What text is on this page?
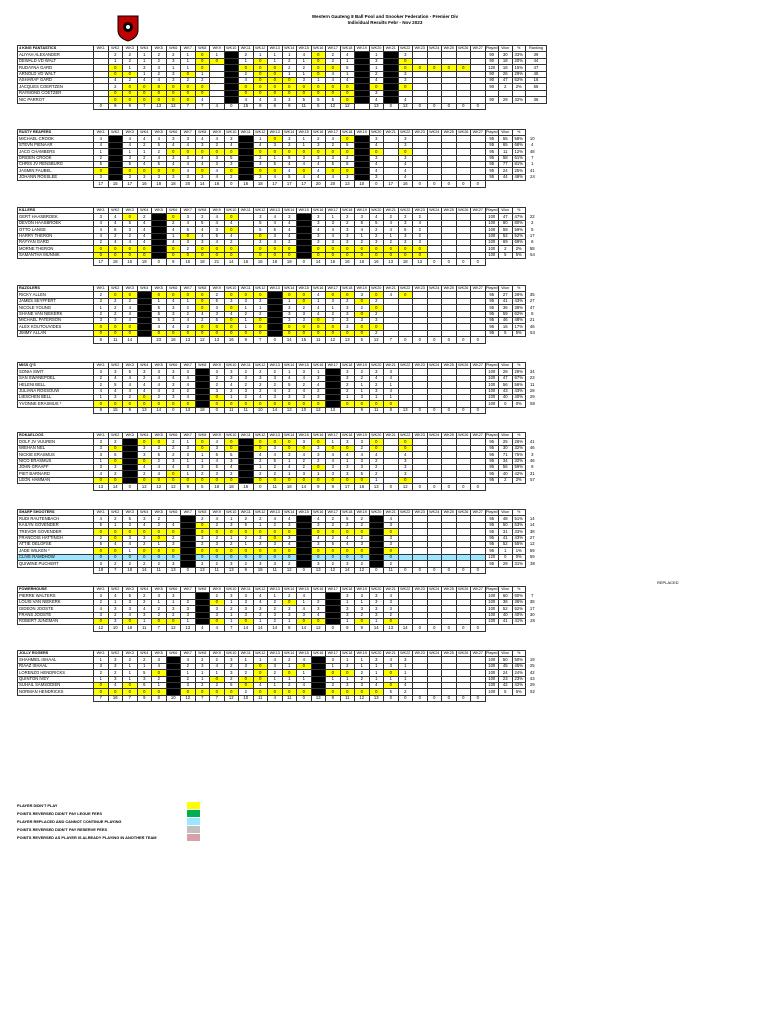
Western Gauteng 8 Ball Pool and Snooker Federation - Premier Div
Individual Results Febr - Nov 2023
4 KING FANTASTICS	WK1	WK2	WK3	WK4	WK5	WK6	WK7	WK8	WK9	WK10	WK11	WK12	WK13	WK14	WK15	WK16	WK17	WK18	WK19	WK20	WK21	WK22	WK23	WK24	WK25	WK26	WK27	Played	Won	%	Ranking
ALIYAH ALEXANDER		2	2	1	2	2	1	0	1		2	1	1	1	4	0	2	4		1		3						90	30	33%	39
DEWALD VD WALT		1	2	1	2	3	1	0	0		1	0	1	2	1	0	2	1		3		0						90	18	20%	44
RUDAYNA GARD		0	1	3	3	1	1	0			0	0	0	2	2	0	0	5		1		0	0	0	0	0		120	18	15%	47
ARNOLD VD WALT		0	0	1	2	3	0	1			2	0	0	1	1	0	4	1		2		3						90	26	29%	45
ASHARAF GARD		4	2	4	4	3	2	2			4	0	0	0	3	1	4	4		4		3						90	47	52%	16
JACQUES COERTZEN		2	0	0	0	0	0	0			0	0	0	0	0	0	0	0		0		0						90	2	2%	56
RAYMOND COETZER		0	0	0	0	0	0	0			0	0	0	0	0	0	0	0		3											
NIC PARROT		0	0	0	0	0	0	4			4	4	3	3	5	5	5	0		4		4						90	29	32%	36
	0	9	9	7	13	12	7	7	4	0	15	9	6	9	11	5	12	12		13	0	12	0	0	0	0	0				
RUSTY REAPERS	WK1	WK2	WK3	WK4	WK5	WK6	WK7	WK8	WK9	WK10	WK11	WK12	WK13	WK14	WK15	WK16	WK17	WK18	WK19	WK20	WK21	WK22	WK23	WK24	WK25	WK26	WK27	Played	Won	%	
MICHAEL CROOK	4		4	4	4	3	3	4	4	3		1	0	3	1	2	4	0		3		3						95	55	58%	10
STEVN PIENAAR	4		4	2	5	4	4	3	2	4		4	3	2	1	3	2	5		4		3						95	65	68%	4
JACO CHAMBERS	1		1	1	2	0	0	0	0	0		0	0	0	0	0	0	0		0		0						95	11	12%	48
DRIDEN CROOK	2		3	2	4	3	3	4	3	5		2	1	5	3	3	3	2		3		3						95	58	61%	7
CHRIS JV RENSBURG	5		5	4	5	4	4	4	3	3		3	5	4	4	4	5	5		4		4						95	77	81%	1
JASMIN FAUBEL	0		0	0	0	0	4	0	4	0		0	0	4	0	4	0	0		4		4						95	24	25%	41
JOHANN ROSSLEE	3		3	3	3	3	3	3	4	2		3	4	5	4	4	4	3		3		4						95	44	46%	24
	17	15	17	16	18	18	20	14	16	0	16	18	17	17	17	20	20	13	10	0	17	16	0	0	0	0	0				
KILLERS	WK1	WK2	WK3	WK4	WK5	WK6	WK7	WK8	WK9	WK10	WK11	WK12	WK13	WK14	WK15	WK16	WK17	WK18	WK19	WK20	WK21	WK22	WK23	WK24	WK25	WK26	WK27	Played	Won	%	
GERT HAASBROEK	3	4	0	2		0	3	2	4	0		3	4	3		3	1	2	3	4	2	3	2					100	47	47%	22
DEVON HAASBROEK	4	4	5	4		2	4	5	4	4		5	4	4		3	3	2	5	5	4	3	4					100	80	80%	2
OTTO LANGE	4	5	3	4		4	5	4	3	0		5	5	4		4	4	3	4	2	4	5	2					100	59	59%	5
HARRY THERON	4	2	2	4		1	0	4	5	4		0	3	4		3	4	3	1	2	1	3	2					100	52	52%	17
RAYYAN GARD	2	4	4	4		4	3	3	4	2		2	4	2		3	3	3	2	3	2	2	3					100	69	69%	6
MORNE THERON	0	0	0	0		0	2	0	0	0		0	0	0		0	0	0	0	0	0	0	0					100	2	2%	58
SAMANTHA MUNNIK	0	0	0	0		0	0	0	0	0		0	0	0		0	0	0	0	0	0	0	0					100	5	5%	54
	17	18	15	18	0	9	16	18	21	14	16	16	18	19	0	14	16	16	16	16	13	18	13	0	0	0	0				
RAZOLERS	WK1	WK2	WK3	WK4	WK5	WK6	WK7	WK8	WK9	WK10	WK11	WK12	WK13	WK14	WK15	WK16	WK17	WK18	WK19	WK20	WK21	WK22	WK23	WK24	WK25	WK26	WK27	Played	Won	%	
RICKY ALLEN	2	0	0		0	0	0	0	2	0	0	0		0	0	4	0	0	3	0	4	0						95	27	28%	35
JAMES SEYFFERT	2	2	2		1	4	1	0	5	3	3	2		1	0	1	3	2	0	2								95	41	43%	27
NICOLE YOUNG	1	2	4		5	3	2	0	3	0	1	1		3	2	4	1	3	2	0								95	36	38%	47
SHANE VAN NIEKERK	2	2	4		5	3	2	4	3	4	2	2		3	3	4	2	3	0	2								95	59	62%	8
MICHAEL PATERSON	3	3	4		5	3	4	2	5	0	1	0		3	3	0	3	3	3	3								95	46	48%	21
ALEX KOUTOUVIDES	0	0	0		4	4	2	0	0	0	1	0		0	0	0	0	3	0	0								95	16	17%	46
JIMMY ALLAN	0	0	0		0	0	0	0	0	0	0	0		0	0	0	0	0	0	2								95	5	5%	53
	8	11	14		23	16	13	12	13	16	9	7	0	14	15	11	12	13	5	12	7	0	0	0	0	0	0				
MISS Q'S	WK1	WK2	WK3	WK4	WK5	WK6	WK7	WK8	WK9	WK10	WK11	WK12	WK13	WK14	WK15	WK16	WK17	WK18	WK19	WK20	WK21	WK22	WK23	WK24	WK25	WK26	WK27	Played	Won	%	
SONIA SWIT	3	3	5	3	3	3	3		3	3	2	2	2	1	3	1		3	2	3	3							100	28	28%	34
SAN SWANEPOEL	2	4	4	2	4	4	4		2	3	3	3	3	4	4	3		3	2	4	4							100	47	67%	23
HELENI BELL	2	5	4	4	4	3	4		2	4	2	2	2	5	2	4		2	1	2	1							100	56	56%	11
JULIANA ROSSOUW	4	4	4	4	4	2	2		3	2	3	2	4	2	4	2		2	1	3	4							100	43	43%	28
LIESCHEN BELL	1	3	2	0	2	3	4		0	1	2	4	3	3	3	3		1	3	1	1							100	40	40%	29
YVONNE ERASMUS *	0	0	0	0	0	0	0		0	0	0	0	0	0	0	0		0	0	0	0							100	0	0%	59
	8	15	8	13	14	0	13	18	0	11	11	10	14	13	10	12	13		9	11	8	13	0	0	0	0	0				
ROKAELOOS	WK1	WK2	WK3	WK4	WK5	WK6	WK7	WK8	WK9	WK10	WK11	WK12	WK13	WK14	WK15	WK16	WK17	WK18	WK19	WK20	WK21	WK22	WK23	WK24	WK25	WK26	WK27	Played	Won	%	
DOLF JV VUUREN	3	2		0	0	2	1	0	4	0		0	0	0	3	0	1	3	3	0		0						95	25	26%	41
WIEHAN NEL	3	0		3	3	2	3	0	3	0		0	3	0	0	3	0	0	2	0		0						95	30	32%	46
NICKIE ERASMUS	3	5		3	5	2	3	1	5	5		4	4	3	4	3	4	4	4	4		4						95	71	75%	3
NICO ERASMUS	1	0		0	2	3	1	1	4	3		2	5	1	2	2	4	1	3	2		3						95	34	32%	46
JOHN GRAAFF	3	3		4	4	4	3	3	5	4		1	2	4	2	0	3	3	3	2		3						95	56	59%	9
PIET BARNARD	4	2		2	4	0	1	2	3	2		2	2	1	3	1	3	3	5	2		3						95	40	42%	31
LEON HAMMAN	0	0		0	0	0	0	0	0	0		0	0	0	0	0	0	0	0	1		0						95	2	2%	57
	13	14	0	12	12	12	9	5	18	18	16	0	11	16	14	9	9	17	16	13	0	12	0	0	0	0	0				
SHARP SHOOTERS	WK1	WK2	WK3	WK4	WK5	WK6	WK7	WK8	WK9	WK10	WK11	WK12	WK13	WK14	WK15	WK16	WK17	WK18	WK19	WK20	WK21	WK22	WK23	WK24	WK25	WK26	WK27	Played	Won	%	
RUDI RAUTENBACH	4	2	5	3	2		3	2	4	1	2	2	4	4		4	2	5	2		4							95	48	51%	14
KAILYN GOVENDER	5	1	3	4	2	4		0	2	3	5	1	2	3		3	2	2	2		3							95	50	53%	14
TREVOR GOVENDER	0	0	0	0	0	0		0	0	0	0	0	0	0		0	0	0	0		0							95	31	33%	38
FRANCOIS HATTINGH	2	0	3	3	0	2		3	2	1	2	3	0	3		4	2	4	2		3							95	41	43%	27
ATTIE OELOFSE	5	4	4	2	1	3		2	3	2	1	2	3	4		3	5	4	3		3							95	52	55%	12
JADE WILKEN *	0	0	1	0	0	0		0	0	0	0	0	0	0		0	0	0	0		0							95	1	1%	59
CLIVE RAMDHOW	0	0	0	0	0	0		0	0	0	0	0	0	0		0	0	0	0		0							120	0	0%	59
QUIWINE PUCHERT	3	2	2	2	2	3		2	2	3	2	3	3	2		3	2	3	2		2							95	29	31%	38
	18	7	16	14	11	13	0	13	11	13	9	16	11	12	0	13	12	14	12	0	11	0	0	0	0	0	0				
POWERHOUSE	WK1	WK2	WK3	WK4	WK5	WK6	WK7	WK8	WK9	WK10	WK11	WK12	WK13	WK14	WK15	WK16	WK17	WK18	WK19	WK20	WK21	WK22	WK23	WK24	WK25	WK26	WK27	Played	Won	%	
PIERRE WALTERS	3	4	5	2	3	3		4	2	3	3	4	1	2	4		2	3	3	3	4							100	60	60%	7
LOUIS VAN NIEKERK	2	1	3	2	1	1	2		0	1	3	4	2	0	1	2		1	1	3	3							100	36	36%	38
GIDEON JOOSTE	4	3	3	4	2	3	3		3	2	3	3	2	3	4	3		3	3	3	3							100	52	52%	17
FRANS JOOSTE	3	2	4	3	2	2	3		3	1	3	2	3	3	3	4		3	2	3	2							100	40	40%	30
ROBERT JUNGMAN	0	3	0	1	0	0	1		0	1	0	1	2	1	0	0		1	0	1	0							100	41	41%	28
	12	10	18	11	7	12	13	4	4	7	14	14	14	8	14	12	0	9	9	14	13	14	0	0	0	0	0				
JOLLY ROGERS	WK1	WK2	WK3	WK4	WK5	WK6	WK7	WK8	WK9	WK10	WK11	WK12	WK13	WK14	WK15	WK16	WK17	WK18	WK19	WK20	WK21	WK22	WK23	WK24	WK25	WK26	WK27	Played	Won	%	
SHAHMIEL ISHAAL	1	3	2	2	3		4	2	2	3	1	1	4	2	4		3	1	1	3	4	3						100	50	50%	19
RIAAZ ISHAAL	3	3	1	1	4		2	3	4	2	3	0	3	1	0		1	2	1	1	3	1						100	45	45%	25
LORENZO HENDRICKS	2	2	1	5	0		1	1	1	3	2	0	2	0	1		0	0	2	1	0	1						100	24	24%	42
QUINTON IVEY	1	3	1	3	2		2	1	0	2	0	0	1	1	1		1	1	2	1	1	1						100	23	23%	43
SUHAIL SAMSODIEN	0	4	0	6	1		3	2	2	5	0	4	1	2	4		2	3	3	4	0	4						100	42	42%	29
NORMAN HENDRICKS	0	0	0	0	0		0	0	0	0	2	0	0	0	0		0	0	0	0	5	2						100	5	5%	52
	7	16	7	9	0	10	12	7	7	12	10	11	4	11	0	13	9	11	12	13	0	0	0	0	0	0	0				
REPLACED
PLAYER DIDN'T PLAY
POINTS REVERSED DIDN'T PAY LEGUE FEES
PLAYER REPLACED AND CANNOT CONTINUE PLAYING
POINTS REVERSED DIDN'T PAY RESERVE FEES
POINTS REVERSED AS PLAYER IS ALREADY PLAYING IN ANOTHER TEAM
